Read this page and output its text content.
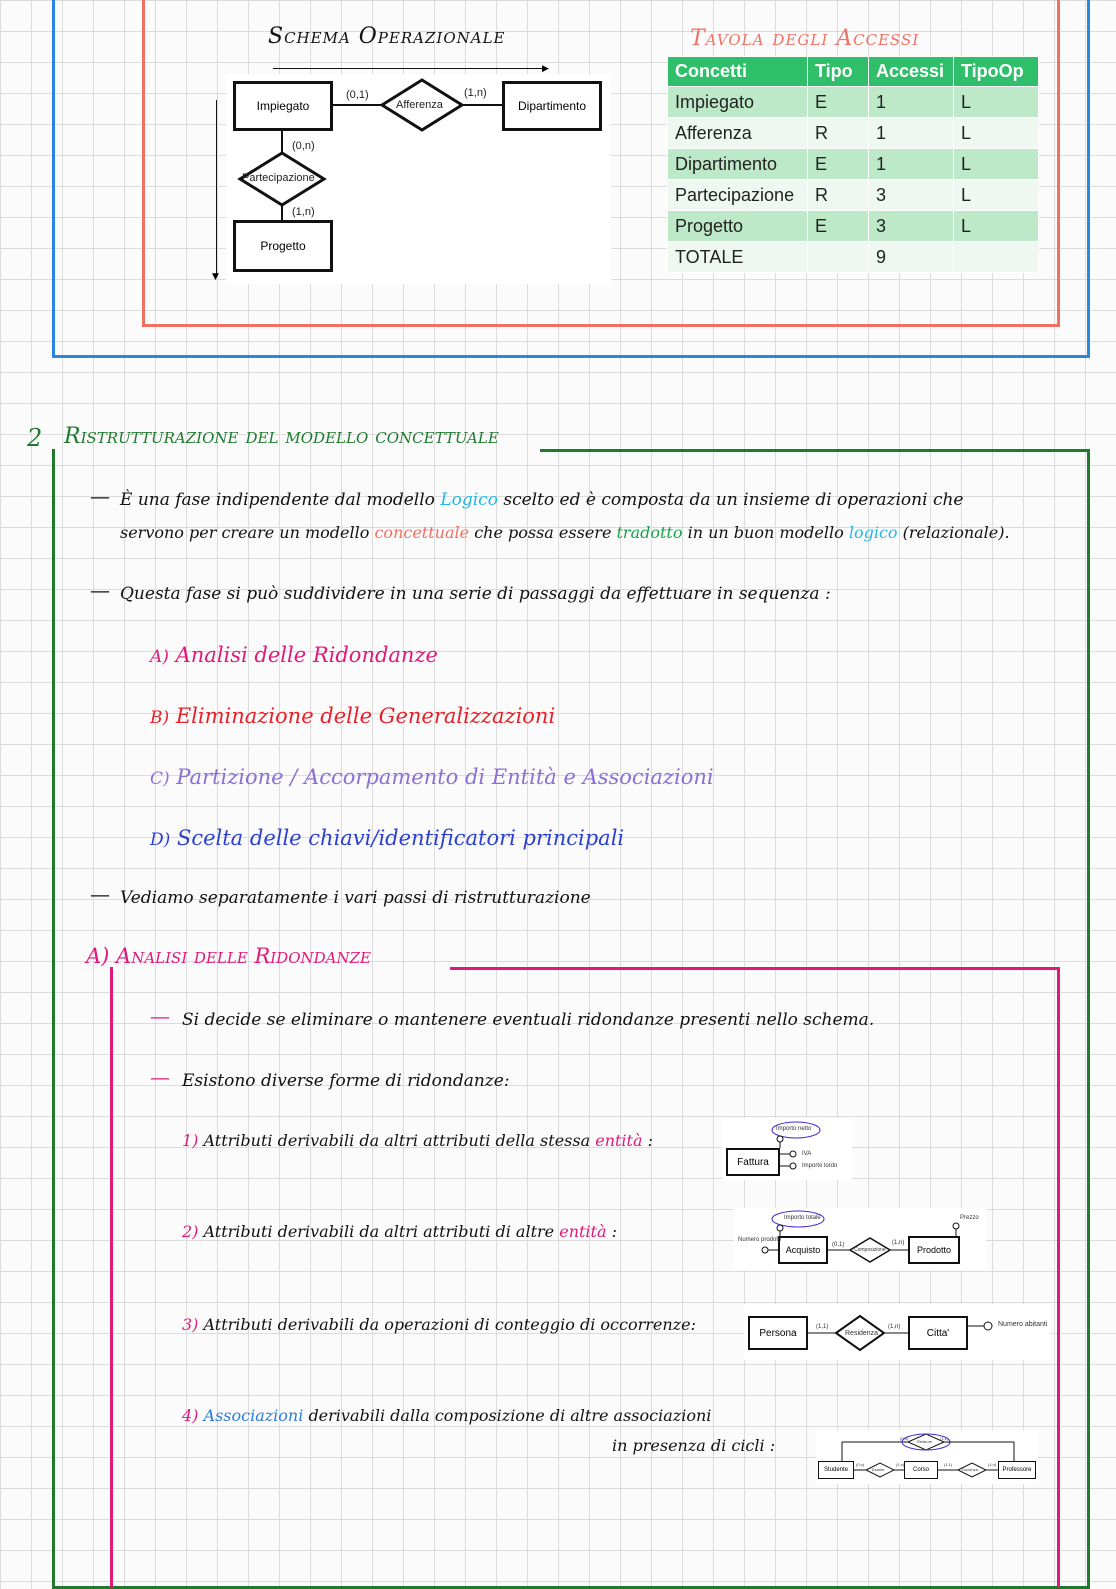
Schema Operazionale
▶
▼
Impiegato	Dipartimento
Progetto
Afferenza
Partecipazione
(0,1)	(1,n)
(0,n)
(1,n)
Tavola degli Accessi
Concetti	Tipo	Accessi	TipoOp
Impiegato	E	1	L
Afferenza	R	1	L
Dipartimento	E	1	L
Partecipazione	R	3	L
Progetto	E	3	L
TOTALE		9	
2 Ristrutturazione del modello concettuale
— È una fase indipendente dal modello Logico scelto ed è composta da un insieme di operazioni che
servono per creare un modello concettuale che possa essere tradotto in un buon modello logico (relazionale).
— Questa fase si può suddividere in una serie di passaggi da effettuare in sequenza :
A) Analisi delle Ridondanze
B) Eliminazione delle Generalizzazioni
C) Partizione / Accorpamento di Entità e Associazioni
D) Scelta delle chiavi/identificatori principali
— Vediamo separatamente i vari passi di ristrutturazione
A) Analisi delle Ridondanze
— Si decide se eliminare o mantenere eventuali ridondanze presenti nello schema.
— Esistono diverse forme di ridondanze:
1) Attributi derivabili da altri attributi della stessa entità :
Fattura
Importo netto
IVA
Importo lordo
2) Attributi derivabili da altri attributi di altre entità :
Acquisto	Prodotto
Importo totale
Numero prodotti
Composizione
Prezzo
(0,1)	(1,n)
3) Attributi derivabili da operazioni di conteggio di occorrenze:	Persona	Citta'
Residenza
Numero abitanti
(1,1)	(1,n)
4) Associazioni derivabili dalla composizione di altre associazioni
in presenza di cicli :
Studente	Corso	Professore
Relatore
Esame	Docenza
(0,n)	(1,n)	(1,1)	(1,n)
(0,n)	(1,1)
